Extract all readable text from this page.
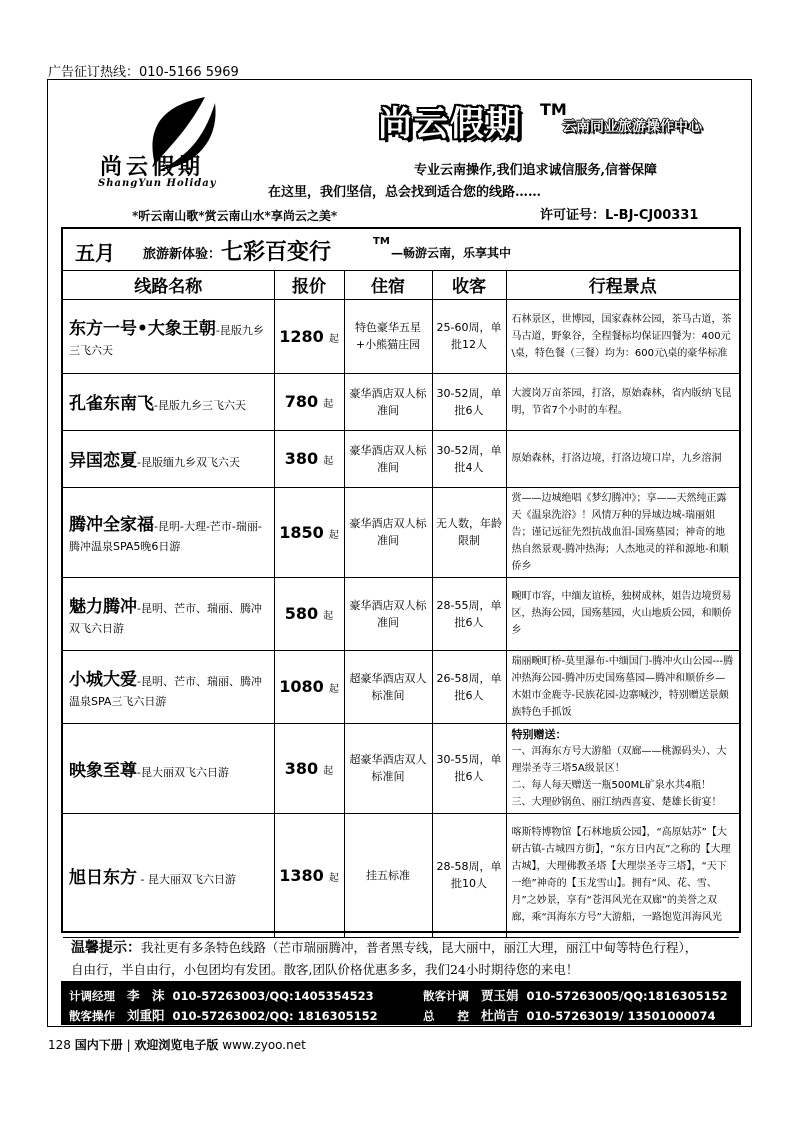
广告征订热线：010-5166 5969
尚云假期
ShangYun Holiday
尚云假期 TM
云南同业旅游操作中心
专业云南操作,我们追求诚信服务,信誉保障
在这里，我们坚信，总会找到适合您的线路……
*听云南山歌*赏云南山水*享尚云之美*	许可证号：L-BJ-CJ00331
五月 旅游新体验： 七彩百变行	TM
—畅游云南，乐享其中
线路名称	报价	住宿	收客	行程景点
东方一号•大象王朝-昆版九乡三飞六天	1280 起	特色豪华五星+小熊猫庄园	25-60周，单批12人	石林景区，世博园，国家森林公园，茶马古道，茶马古道，野象谷，全程餐标均保证四餐为：400元\桌，特色餐（三餐）均为：600元\桌的豪华标准
孔雀东南飞-昆版九乡三飞六天	780 起	豪华酒店双人标准间	30-52周，单批6人	大渡岗万亩茶园，打洛，原始森林，省内版纳飞昆明，节省7个小时的车程。
异国恋夏-昆版缅九乡双飞六天	380 起	豪华酒店双人标准间	30-52周，单批4人	原始森林，打洛边境，打洛边境口岸，九乡溶洞
腾冲全家福-昆明-大理-芒市-瑞丽-腾冲温泉SPA5晚6日游	1850 起	豪华酒店双人标准间	无人数，年龄限制	赏——边城绝唱《梦幻腾冲》；享——天然纯正露天《温泉洗浴》！风情万种的异域边城-瑞丽姐告；谨记远征先烈抗战血泪-国殇墓园；神奇的地热自然景观-腾冲热海；人杰地灵的祥和源地-和顺侨乡
魅力腾冲-昆明、芒市、瑞丽、腾冲双飞六日游	580 起	豪华酒店双人标准间	28-55周，单批6人	畹町市容，中缅友谊桥，独树成林，姐告边境贸易区，热海公园，国殇墓园，火山地质公园，和顺侨乡
小城大爱-昆明、芒市、瑞丽、腾冲温泉SPA三飞六日游	1080 起	超豪华酒店双人标准间	26-58周，单批6人	瑞丽畹町桥-莫里瀑布-中缅国门-腾冲火山公园---腾冲热海公园-腾冲历史国殇墓园—腾冲和顺侨乡—木姐市金鹿寺-民族花园-边寨喊沙，特别赠送景颇族特色手抓饭
映象至尊-昆大丽双飞六日游	380 起	超豪华酒店双人标准间	30-55周，单批6人	特别赠送：
一、洱海东方号大游船（双廊——桃源码头）、大理崇圣寺三塔5A级景区！
二、每人每天赠送一瓶500ML矿泉水共4瓶！
三、大理砂锅鱼、丽江纳西喜宴、楚雄长街宴！

旭日东方 - 昆大丽双飞六日游	1380 起	挂五标准	28-58周，单批10人	喀斯特博物馆【石林地质公园】，“高原姑苏”【大研古镇-古城四方街】，“东方日内瓦”之称的【大理古城】，大理佛教圣塔【大理崇圣寺三塔】，“天下一绝”神奇的【玉龙雪山】。拥有“风、花、雪、月”之妙景，享有“苍洱风光在双廊”的美誉之双廊，乘“洱海东方号”大游船，一路饱览洱海风光
温馨提示：我社更有多条特色线路（芒市瑞丽腾冲，普者黑专线，昆大丽中，丽江大理，丽江中甸等特色行程），
自由行，半自由行，小包团均有发团。散客,团队价格优惠多多，我们24小时期待您的来电！
计调经理 李　沫 010-57263003/QQ:1405354523	散客计调 贾玉娟 010-57263005/QQ:1816305152
散客操作 刘重阳 010-57263002/QQ: 1816305152	总　　控 杜尚吉 010-57263019/ 13501000074
128 国内下册 | 欢迎浏览电子版 www.zyoo.net
